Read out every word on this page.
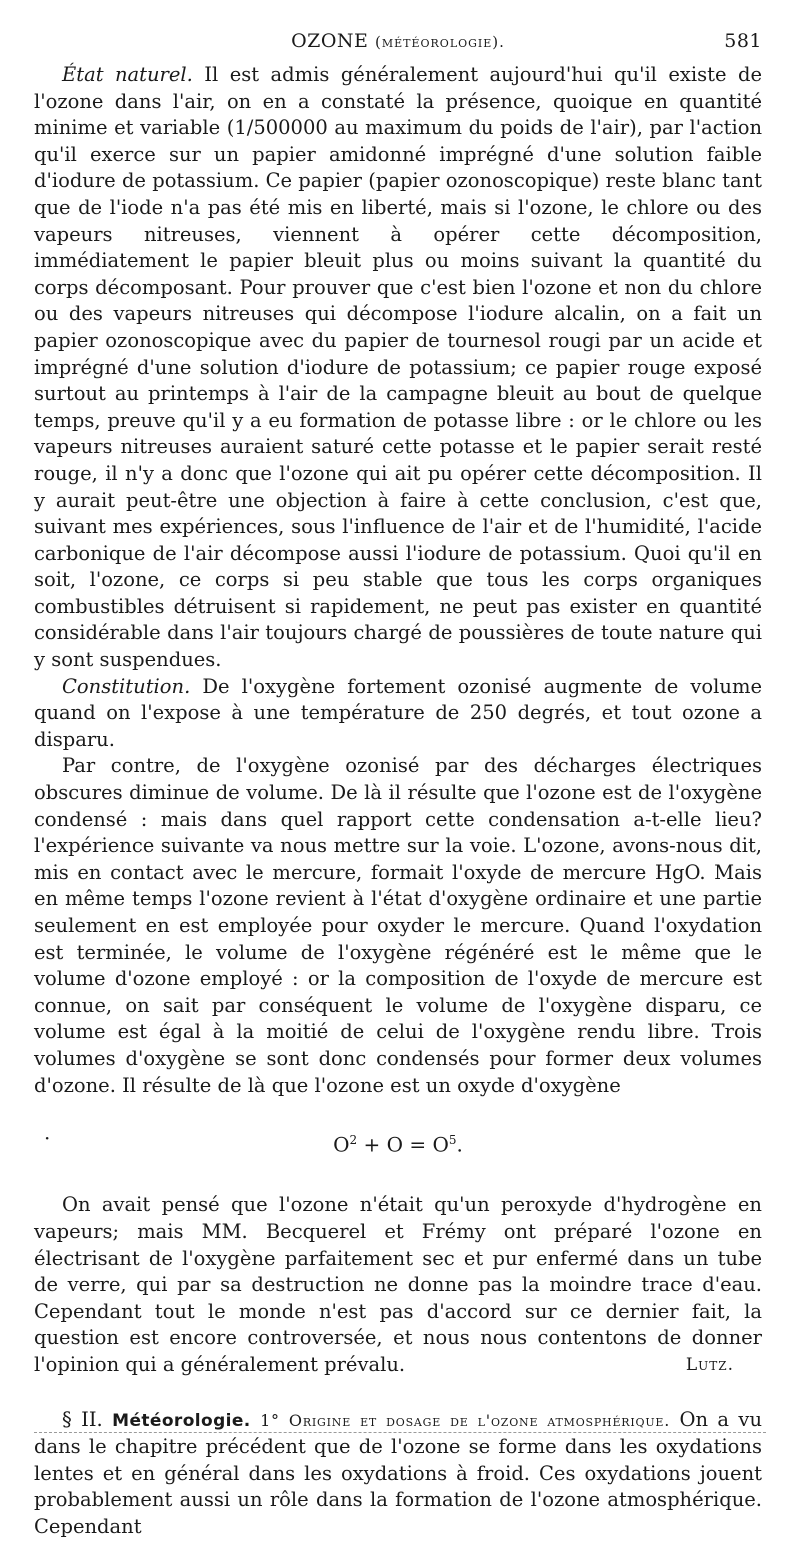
OZONE (météorologie).	581

État naturel. Il est admis généralement aujourd'hui qu'il existe de l'ozone dans l'air, on en a constaté la présence, quoique en quantité minime et variable (1/500000 au maximum du poids de l'air), par l'action qu'il exerce sur un papier amidonné imprégné d'une solution faible d'iodure de potassium. Ce papier (papier ozonoscopique) reste blanc tant que de l'iode n'a pas été mis en liberté, mais si l'ozone, le chlore ou des vapeurs nitreuses, viennent à opérer cette décomposition, immédiatement le papier bleuit plus ou moins suivant la quantité du corps décomposant. Pour prouver que c'est bien l'ozone et non du chlore ou des vapeurs nitreuses qui décompose l'iodure alcalin, on a fait un papier ozonoscopique avec du papier de tournesol rougi par un acide et imprégné d'une solution d'iodure de potassium; ce papier rouge exposé surtout au printemps à l'air de la campagne bleuit au bout de quelque temps, preuve qu'il y a eu formation de potasse libre : or le chlore ou les vapeurs nitreuses auraient saturé cette potasse et le papier serait resté rouge, il n'y a donc que l'ozone qui ait pu opérer cette décomposition. Il y aurait peut-être une objection à faire à cette conclusion, c'est que, suivant mes expériences, sous l'influence de l'air et de l'humidité, l'acide carbonique de l'air décompose aussi l'iodure de potassium. Quoi qu'il en soit, l'ozone, ce corps si peu stable que tous les corps organiques combustibles détruisent si rapidement, ne peut pas exister en quantité considérable dans l'air toujours chargé de poussières de toute nature qui y sont suspendues.

Constitution. De l'oxygène fortement ozonisé augmente de volume quand on l'expose à une température de 250 degrés, et tout ozone a disparu.

Par contre, de l'oxygène ozonisé par des décharges électriques obscures diminue de volume. De là il résulte que l'ozone est de l'oxygène condensé : mais dans quel rapport cette condensation a-t-elle lieu? l'expérience suivante va nous mettre sur la voie. L'ozone, avons-nous dit, mis en contact avec le mercure, formait l'oxyde de mercure HgO. Mais en même temps l'ozone revient à l'état d'oxygène ordinaire et une partie seulement en est employée pour oxyder le mercure. Quand l'oxydation est terminée, le volume de l'oxygène régénéré est le même que le volume d'ozone employé : or la composition de l'oxyde de mercure est connue, on sait par conséquent le volume de l'oxygène disparu, ce volume est égal à la moitié de celui de l'oxygène rendu libre. Trois volumes d'oxygène se sont donc condensés pour former deux volumes d'ozone. Il résulte de là que l'ozone est un oxyde d'oxygène

·	$O^2 + O = O^5$.

On avait pensé que l'ozone n'était qu'un peroxyde d'hydrogène en vapeurs; mais MM. Becquerel et Frémy ont préparé l'ozone en électrisant de l'oxygène parfaitement sec et pur enfermé dans un tube de verre, qui par sa destruction ne donne pas la moindre trace d'eau. Cependant tout le monde n'est pas d'accord sur ce dernier fait, la question est encore controversée, et nous nous contentons de donner l'opinion qui a généralement prévalu.	Lutz.

§ II. Météorologie. 1° Origine et dosage de l'ozone atmosphérique. On a vu dans le chapitre précédent que de l'ozone se forme dans les oxydations lentes et en général dans les oxydations à froid. Ces oxydations jouent probablement aussi un rôle dans la formation de l'ozone atmosphérique. Cependant
